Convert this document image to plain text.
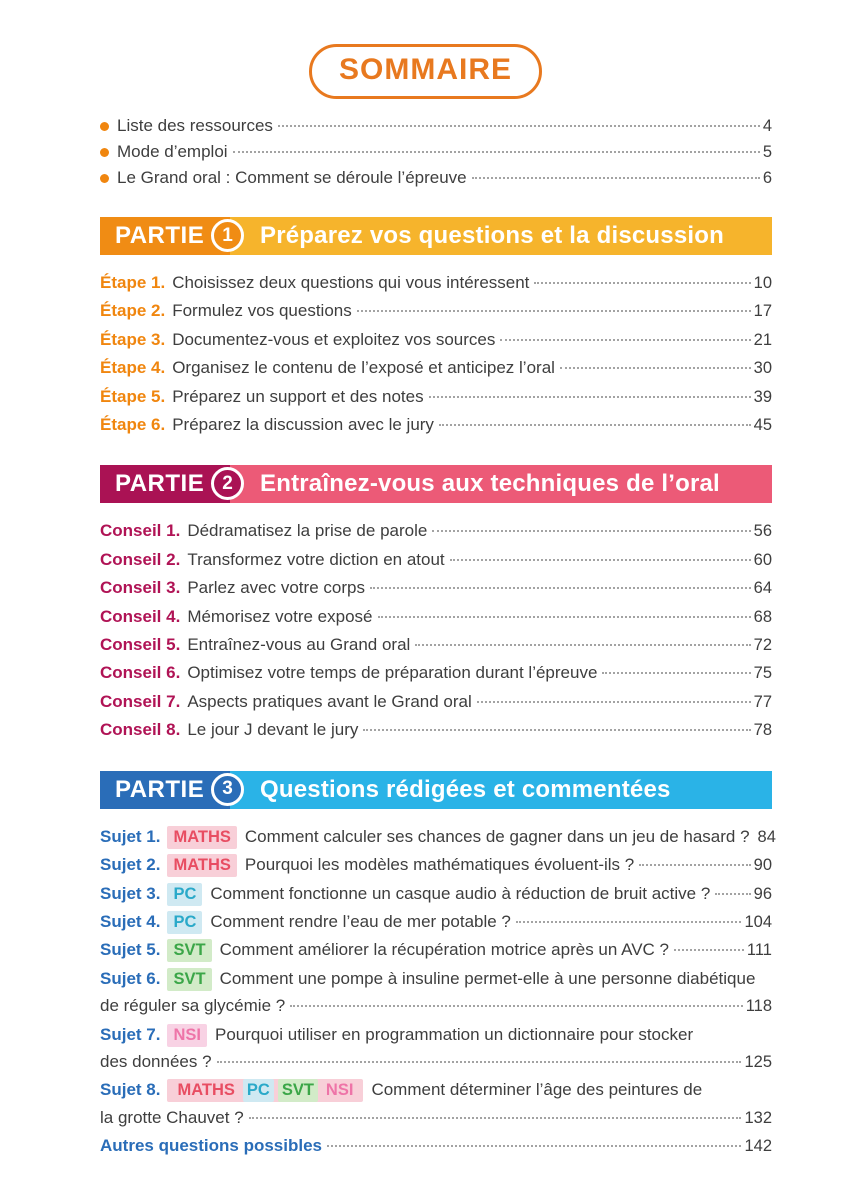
SOMMAIRE
Liste des ressources	4
Mode d’emploi	5
Le Grand oral : Comment se déroule l’épreuve	6
PARTIE	Préparez vos questions et la discussion
1
Étape 1. Choisissez deux questions qui vous intéressent	10
Étape 2. Formulez vos questions	17
Étape 3. Documentez-vous et exploitez vos sources	21
Étape 4. Organisez le contenu de l’exposé et anticipez l’oral	30
Étape 5. Préparez un support et des notes	39
Étape 6. Préparez la discussion avec le jury	45
PARTIE	Entraînez-vous aux techniques de l’oral
2
Conseil 1. Dédramatisez la prise de parole	56
Conseil 2. Transformez votre diction en atout	60
Conseil 3. Parlez avec votre corps	64
Conseil 4. Mémorisez votre exposé	68
Conseil 5. Entraînez-vous au Grand oral	72
Conseil 6. Optimisez votre temps de préparation durant l’épreuve	75
Conseil 7. Aspects pratiques avant le Grand oral	77
Conseil 8. Le jour J devant le jury	78
PARTIE	Questions rédigées et commentées
3
Sujet 1. MATHS Comment calculer ses chances de gagner dans un jeu de hasard ? 84
Sujet 2. MATHS Pourquoi les modèles mathématiques évoluent-ils ?	90
Sujet 3. PC Comment fonctionne un casque audio à réduction de bruit active ?	96
Sujet 4. PC Comment rendre l’eau de mer potable ?	104
Sujet 5. SVT Comment améliorer la récupération motrice après un AVC ?	111
Sujet 6. SVT Comment une pompe à insuline permet-elle à une personne diabétique
de réguler sa glycémie ?	118
Sujet 7. NSI Pourquoi utiliser en programmation un dictionnaire pour stocker
des données ?	125
Sujet 8. MATHS PC SVT NSI Comment déterminer l’âge des peintures de
la grotte Chauvet ?	132
Autres questions possibles	142
